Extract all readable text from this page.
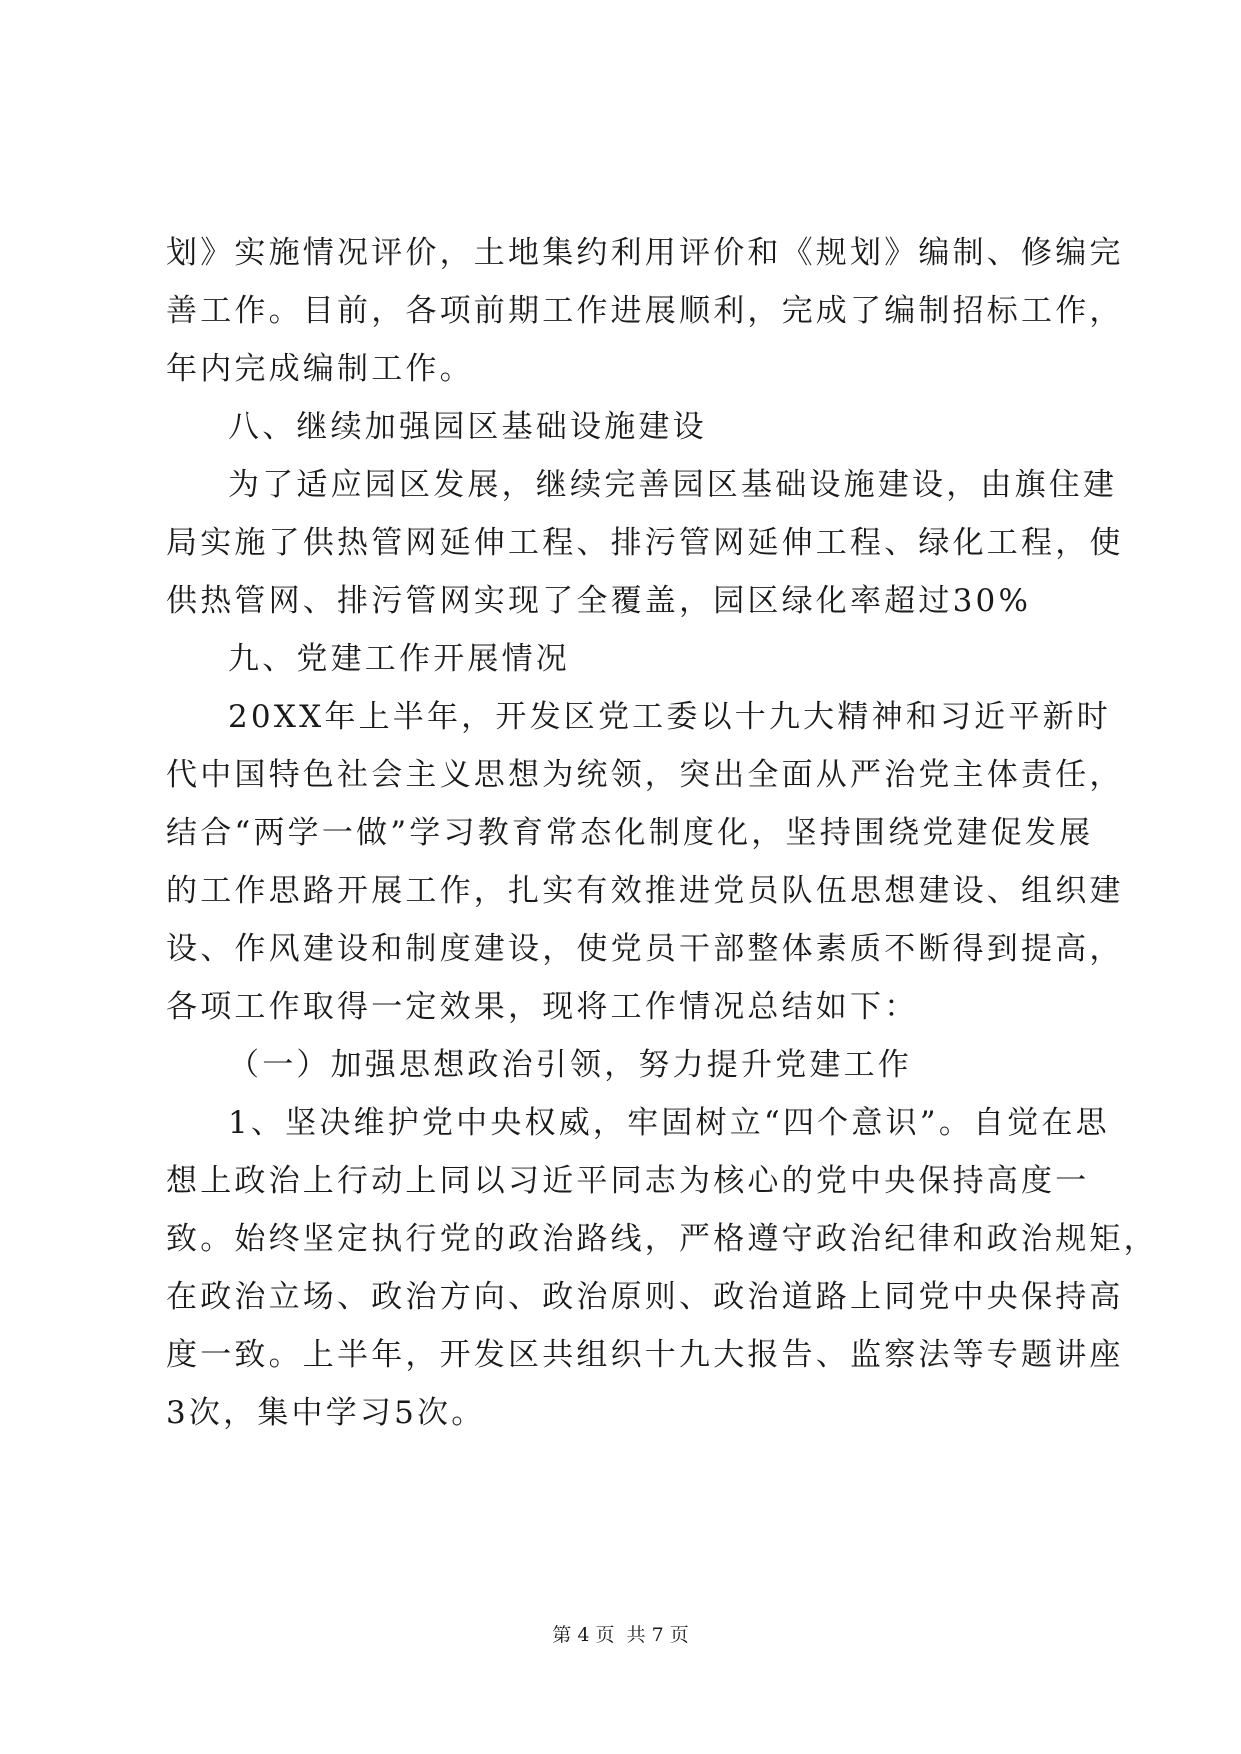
划》实施情况评价，土地集约利用评价和《规划》编制、修编完
善工作。目前，各项前期工作进展顺利，完成了编制招标工作，
年内完成编制工作。
八、继续加强园区基础设施建设
为了适应园区发展，继续完善园区基础设施建设，由旗住建
局实施了供热管网延伸工程、排污管网延伸工程、绿化工程，使
供热管网、排污管网实现了全覆盖，园区绿化率超过30%
九、党建工作开展情况
20XX年上半年，开发区党工委以十九大精神和习近平新时
代中国特色社会主义思想为统领，突出全面从严治党主体责任，
结合“两学一做”学习教育常态化制度化，坚持围绕党建促发展
的工作思路开展工作，扎实有效推进党员队伍思想建设、组织建
设、作风建设和制度建设，使党员干部整体素质不断得到提高，
各项工作取得一定效果，现将工作情况总结如下：
（一）加强思想政治引领，努力提升党建工作
1、坚决维护党中央权威，牢固树立“四个意识”。自觉在思
想上政治上行动上同以习近平同志为核心的党中央保持高度一
致。始终坚定执行党的政治路线，严格遵守政治纪律和政治规矩，
在政治立场、政治方向、政治原则、政治道路上同党中央保持高
度一致。上半年，开发区共组织十九大报告、监察法等专题讲座
3次，集中学习5次。
第 4 页  共 7 页
